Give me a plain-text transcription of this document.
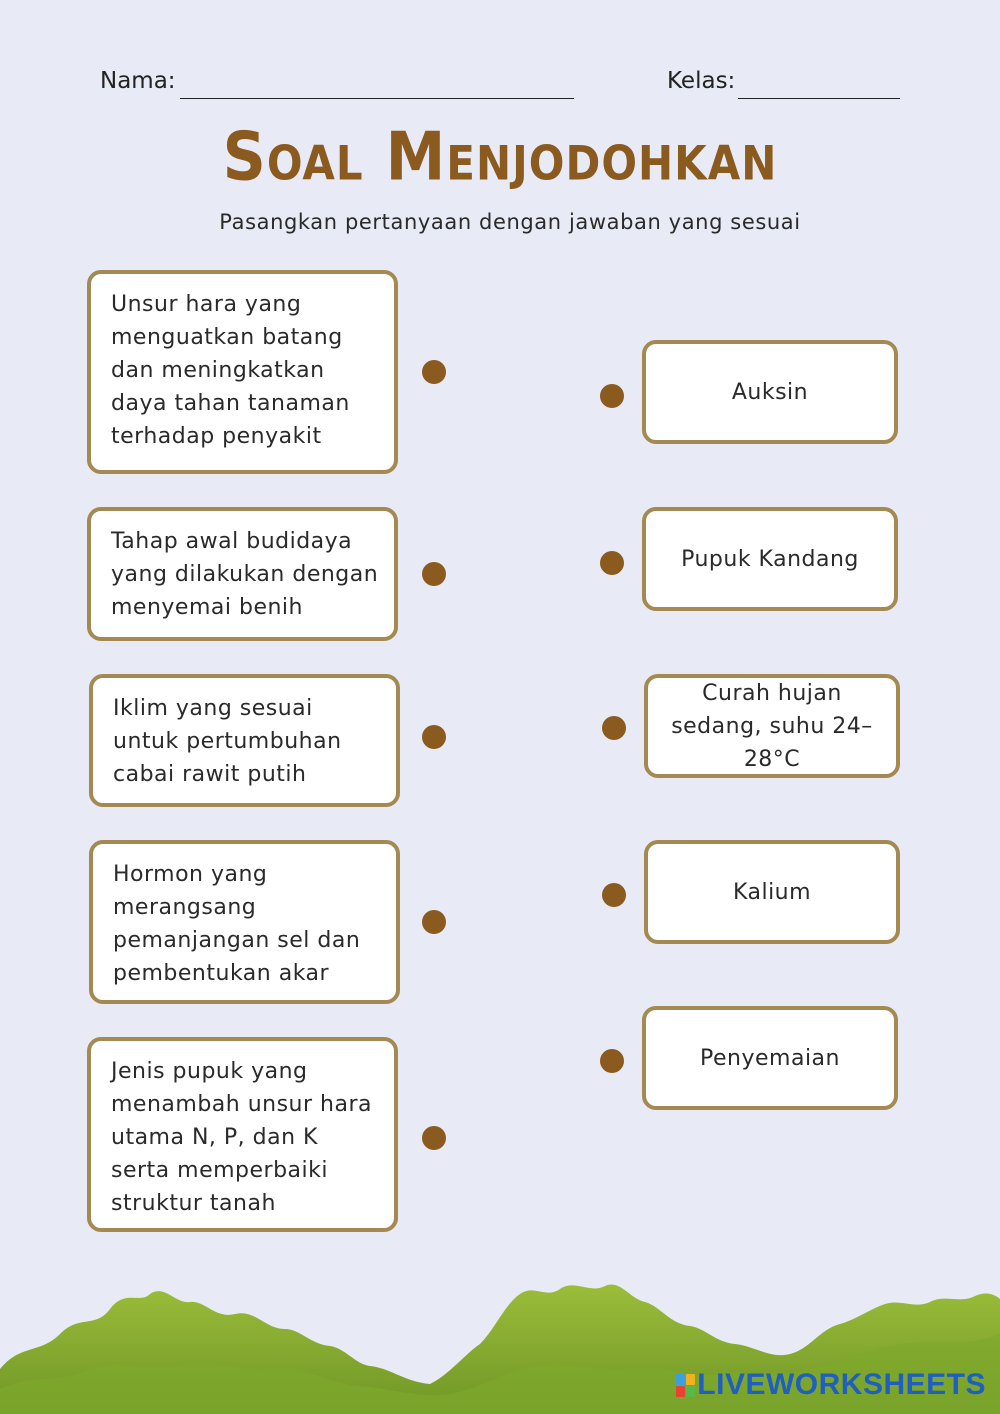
Nama:	Kelas:
Soal Menjodohkan
Pasangkan pertanyaan dengan jawaban yang sesuai
Unsur hara yang menguatkan batang dan meningkatkan daya tahan tanaman terhadap penyakit
Tahap awal budidaya yang dilakukan dengan menyemai benih
Iklim yang sesuai untuk pertumbuhan cabai rawit putih
Hormon yang merangsang pemanjangan sel dan pembentukan akar
Jenis pupuk yang menambah unsur hara utama N, P, dan K serta memperbaiki struktur tanah
Auksin
Pupuk Kandang
Curah hujan sedang, suhu 24–28°C
Kalium
Penyemaian
LIVEWORKSHEETS
